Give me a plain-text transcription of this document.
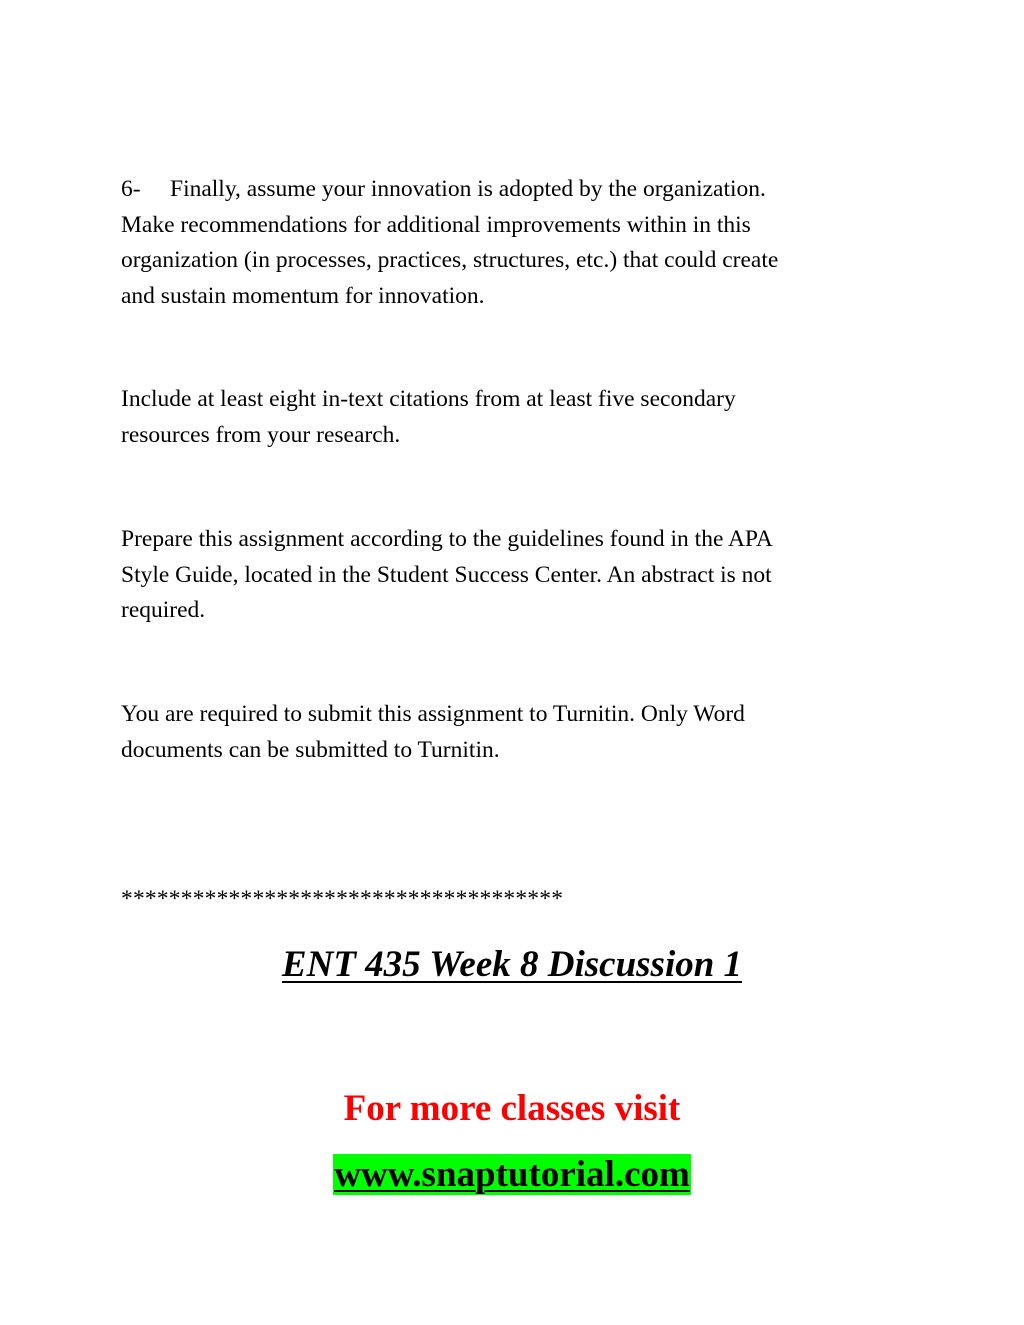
6- Finally, assume your innovation is adopted by the organization.
Make recommendations for additional improvements within in this
organization (in processes, practices, structures, etc.) that could create
and sustain momentum for innovation.

Include at least eight in-text citations from at least five secondary
resources from your research.

Prepare this assignment according to the guidelines found in the APA
Style Guide, located in the Student Success Center. An abstract is not
required.

You are required to submit this assignment to Turnitin. Only Word
documents can be submitted to Turnitin.

*************************************

ENT 435 Week 8 Discussion 1
For more classes visit
www.snaptutorial.com
